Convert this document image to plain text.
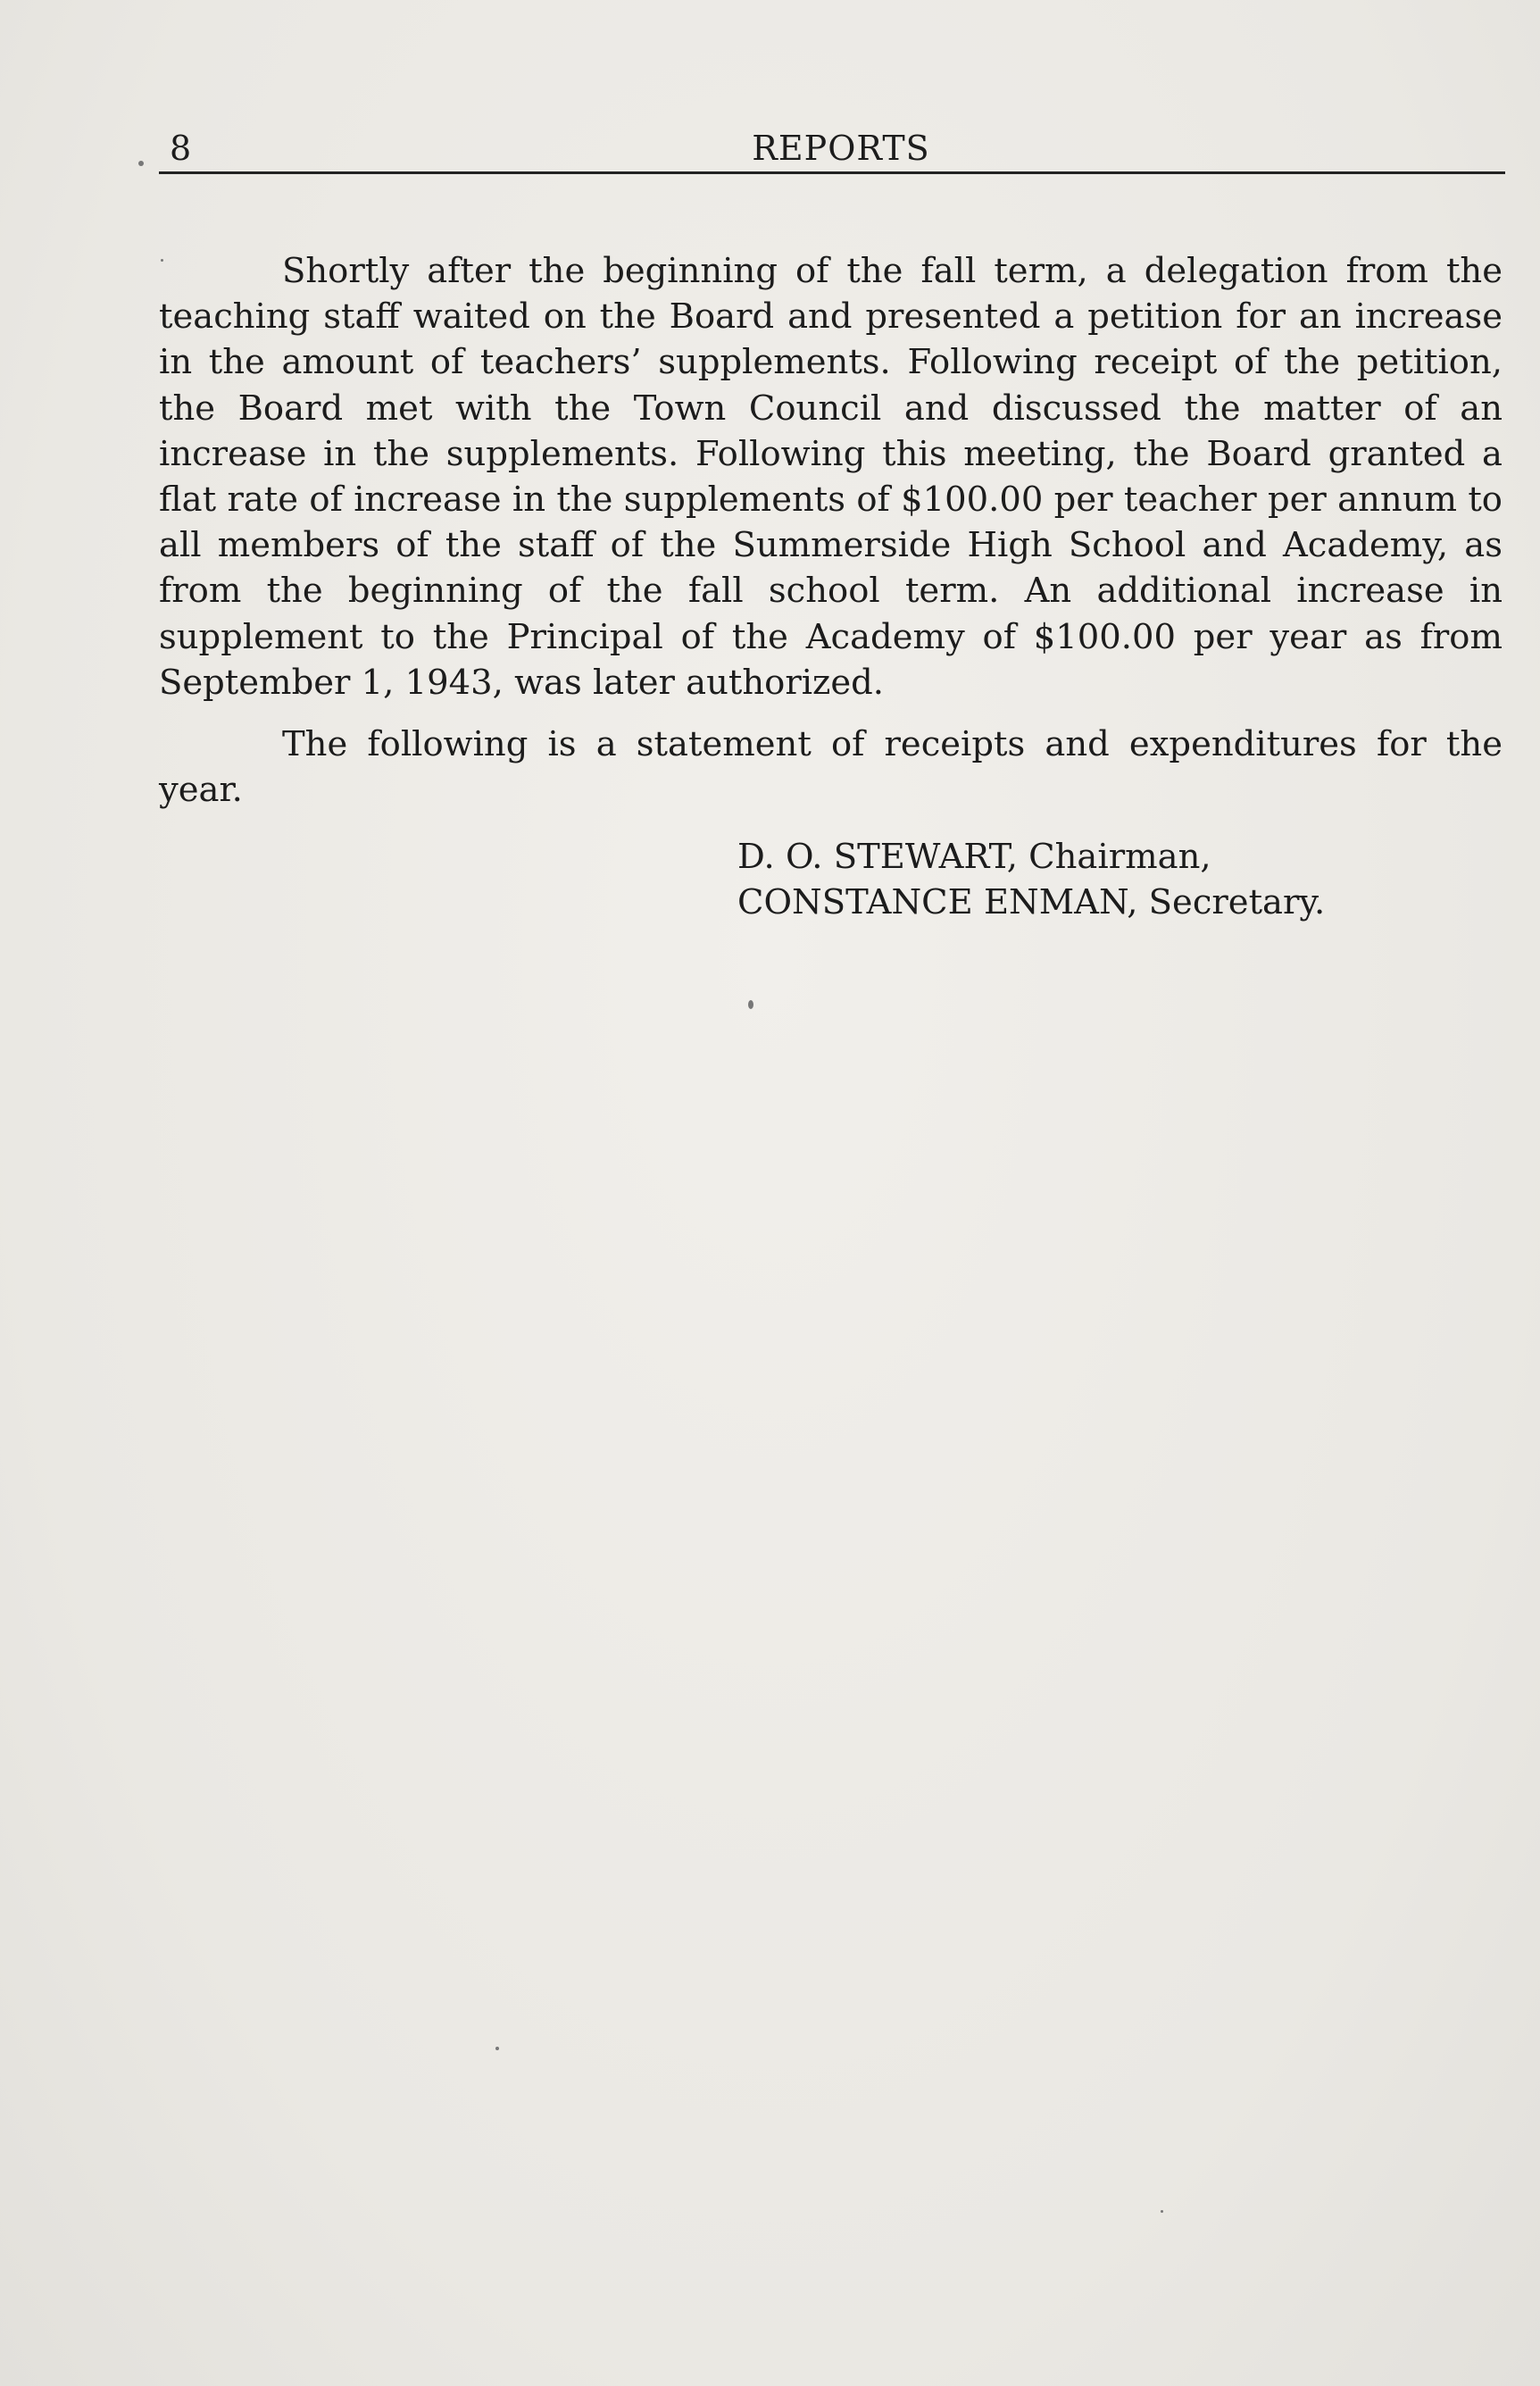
8	REPORTS

Shortly after the beginning of the fall term, a delegation from the teaching staff waited on the Board and presented a petition for an increase in the amount of teachers’ supplements. Following receipt of the petition, the Board met with the Town Council and discussed the matter of an increase in the supplements. Following this meeting, the Board granted a flat rate of increase in the supplements of $100.00 per teacher per annum to all members of the staff of the Summerside High School and Academy, as from the beginning of the fall school term. An additional increase in supplement to the Principal of the Academy of $100.00 per year as from September 1, 1943, was later authorized.

The following is a statement of receipts and expenditures for the year.

D. O. STEWART, Chairman,
CONSTANCE ENMAN, Secretary.
